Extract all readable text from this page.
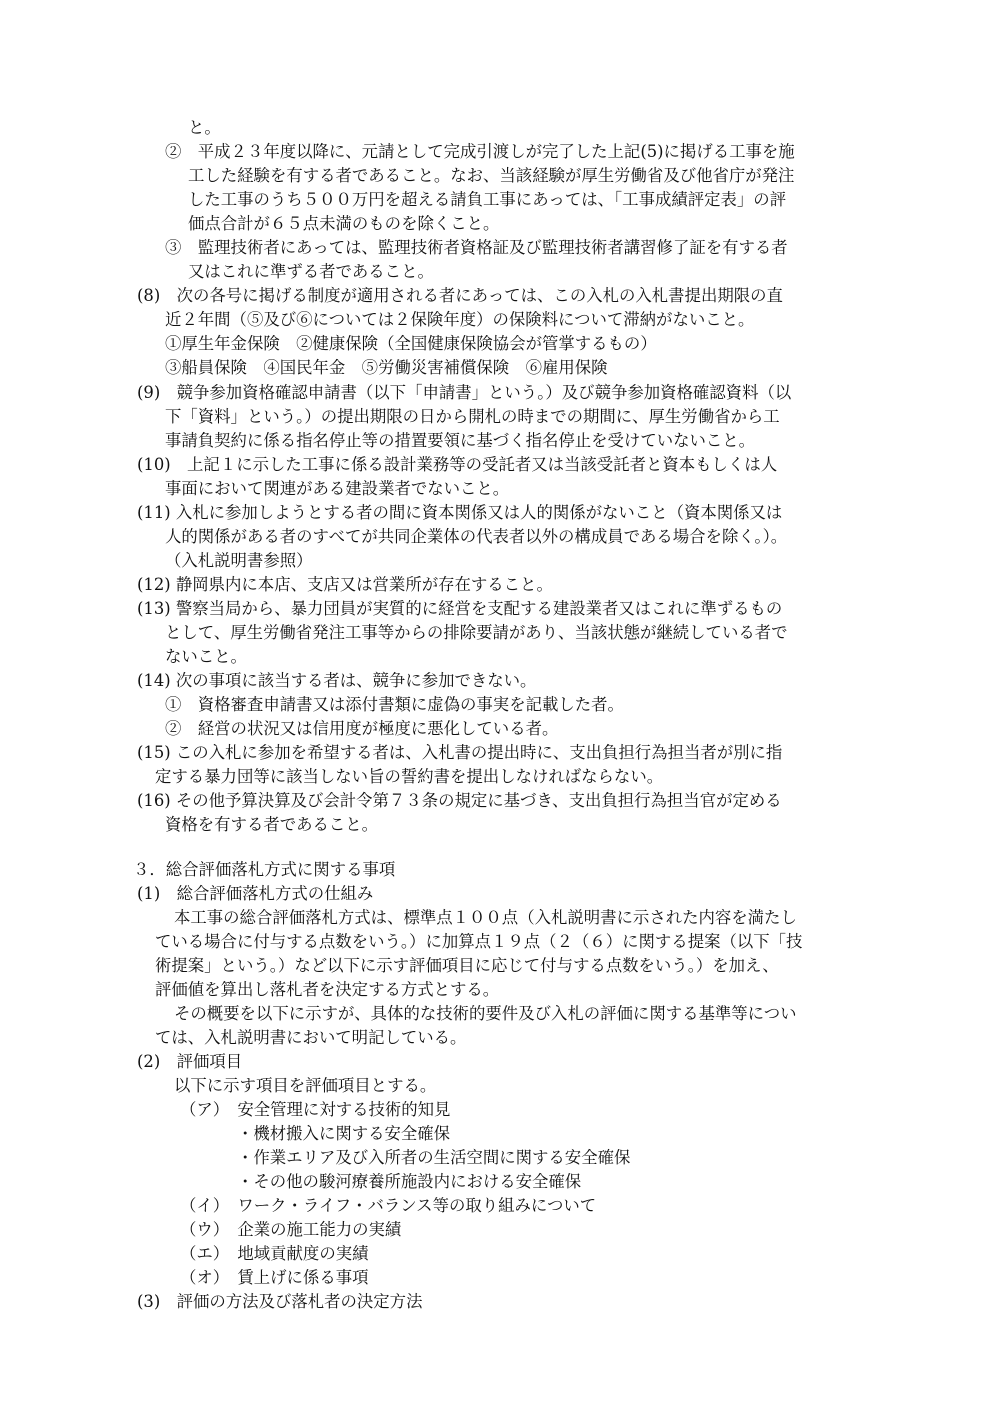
と。
②　平成２３年度以降に、元請として完成引渡しが完了した上記(5)に掲げる工事を施
工した経験を有する者であること。なお、当該経験が厚生労働省及び他省庁が発注
した工事のうち５００万円を超える請負工事にあっては、「工事成績評定表」の評
価点合計が６５点未満のものを除くこと。
③　監理技術者にあっては、監理技術者資格証及び監理技術者講習修了証を有する者
又はこれに準ずる者であること。
(8)　次の各号に掲げる制度が適用される者にあっては、この入札の入札書提出期限の直
近２年間（⑤及び⑥については２保険年度）の保険料について滞納がないこと。
①厚生年金保険　②健康保険（全国健康保険協会が管掌するもの）
③船員保険　④国民年金　⑤労働災害補償保険　⑥雇用保険
(9)　競争参加資格確認申請書（以下「申請書」という。）及び競争参加資格確認資料（以
下「資料」という。）の提出期限の日から開札の時までの期間に、厚生労働省から工
事請負契約に係る指名停止等の措置要領に基づく指名停止を受けていないこと。
(10)　上記１に示した工事に係る設計業務等の受託者又は当該受託者と資本もしくは人
事面において関連がある建設業者でないこと。
(11) 入札に参加しようとする者の間に資本関係又は人的関係がないこと（資本関係又は
人的関係がある者のすべてが共同企業体の代表者以外の構成員である場合を除く。）。
（入札説明書参照）
(12) 静岡県内に本店、支店又は営業所が存在すること。
(13) 警察当局から、暴力団員が実質的に経営を支配する建設業者又はこれに準ずるもの
として、厚生労働省発注工事等からの排除要請があり、当該状態が継続している者で
ないこと。
(14) 次の事項に該当する者は、競争に参加できない。
①　資格審査申請書又は添付書類に虚偽の事実を記載した者。
②　経営の状況又は信用度が極度に悪化している者。
(15) この入札に参加を希望する者は、入札書の提出時に、支出負担行為担当者が別に指
定する暴力団等に該当しない旨の誓約書を提出しなければならない。
(16) その他予算決算及び会計令第７３条の規定に基づき、支出負担行為担当官が定める
資格を有する者であること。
３．総合評価落札方式に関する事項
(1)　総合評価落札方式の仕組み
本工事の総合評価落札方式は、標準点１００点（入札説明書に示された内容を満たし
ている場合に付与する点数をいう。）に加算点１９点（２（６）に関する提案（以下「技
術提案」という。）など以下に示す評価項目に応じて付与する点数をいう。）を加え、
評価値を算出し落札者を決定する方式とする。
その概要を以下に示すが、具体的な技術的要件及び入札の評価に関する基準等につい
ては、入札説明書において明記している。
(2)　評価項目
以下に示す項目を評価項目とする。
（ア）　安全管理に対する技術的知見
・機材搬入に関する安全確保
・作業エリア及び入所者の生活空間に関する安全確保
・その他の駿河療養所施設内における安全確保
（イ）　ワーク・ライフ・バランス等の取り組みについて
（ウ）　企業の施工能力の実績
（エ）　地域貢献度の実績
（オ）　賃上げに係る事項
(3)　評価の方法及び落札者の決定方法
